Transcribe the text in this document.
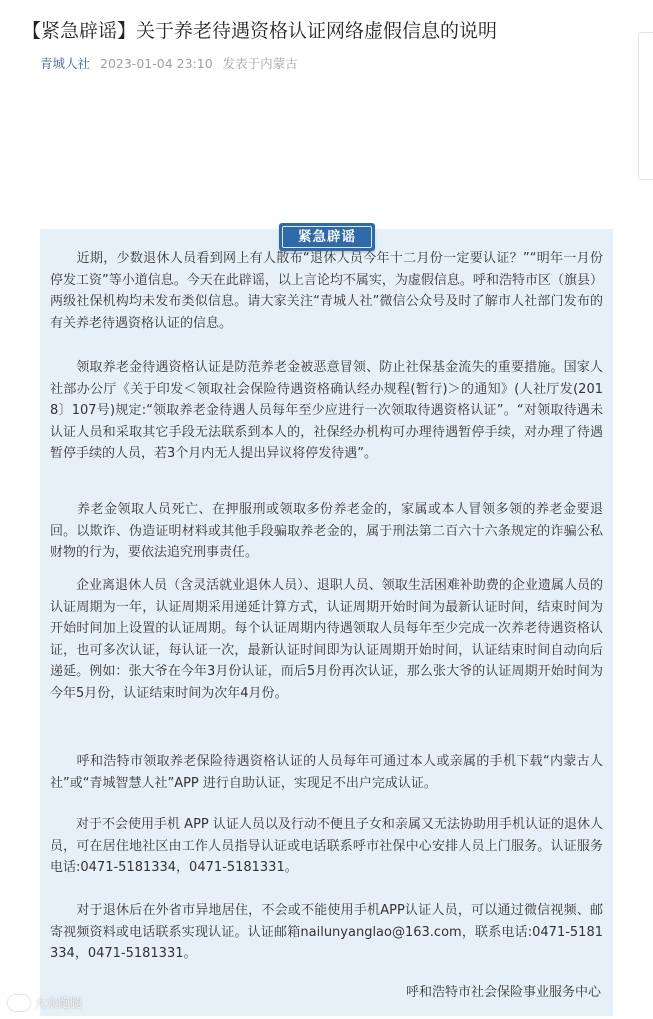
【紧急辟谣】关于养老待遇资格认证网络虚假信息的说明
青城人社 2023-01-04 23:10 发表于内蒙古
紧急辟谣

　　近期，少数退休人员看到网上有人散布“退休人员今年十二月份一定要认证？”“明年一月份停发工资”等小道信息。今天在此辟谣，以上言论均不属实，为虚假信息。呼和浩特市区（旗县）两级社保机构均未发布类似信息。请大家关注“青城人社”微信公众号及时了解市人社部门发布的有关养老待遇资格认证的信息。

　　领取养老金待遇资格认证是防范养老金被恶意冒领、防止社保基金流失的重要措施。国家人社部办公厅《关于印发＜领取社会保险待遇资格确认经办规程(暂行)＞的通知》(人社厅发(2018〕107号)规定:“领取养老金待遇人员每年至少应进行一次领取待遇资格认证”。“对领取待遇未认证人员和采取其它手段无法联系到本人的，社保经办机构可办理待遇暂停手续，对办理了待遇暂停手续的人员，若3个月内无人提出异议将停发待遇”。

　　养老金领取人员死亡、在押服刑或领取多份养老金的，家属或本人冒领多领的养老金要退回。以欺诈、伪造证明材料或其他手段骗取养老金的，属于刑法第二百六十六条规定的诈骗公私财物的行为，要依法追究刑事责任。

　　企业离退休人员（含灵活就业退休人员）、退职人员、领取生活困难补助费的企业遗属人员的认证周期为一年，认证周期采用递延计算方式，认证周期开始时间为最新认证时间，结束时间为开始时间加上设置的认证周期。每个认证周期内待遇领取人员每年至少完成一次养老待遇资格认证，也可多次认证，每认证一次，最新认证时间即为认证周期开始时间，认证结束时间自动向后递延。例如：张大爷在今年3月份认证，而后5月份再次认证，那么张大爷的认证周期开始时间为今年5月份，认证结束时间为次年4月份。

　　呼和浩特市领取养老保险待遇资格认证的人员每年可通过本人或亲属的手机下载“内蒙古人社”或“青城智慧人社”APP 进行自助认证，实现足不出户完成认证。

　　对于不会使用手机 APP 认证人员以及行动不便且子女和亲属又无法协助用手机认证的退休人员，可在居住地社区由工作人员指导认证或电话联系呼市社保中心安排人员上门服务。认证服务电话:0471-5181334，0471-5181331。

　　对于退休后在外省市异地居住，不会或不能使用手机APP认证人员，可以通过微信视频、邮寄视频资料或电话联系实现认证。认证邮箱nailunyanglao@163.com，联系电话:0471-5181334，0471-5181331。

呼和浩特市社会保险事业服务中心
大众跑腿
